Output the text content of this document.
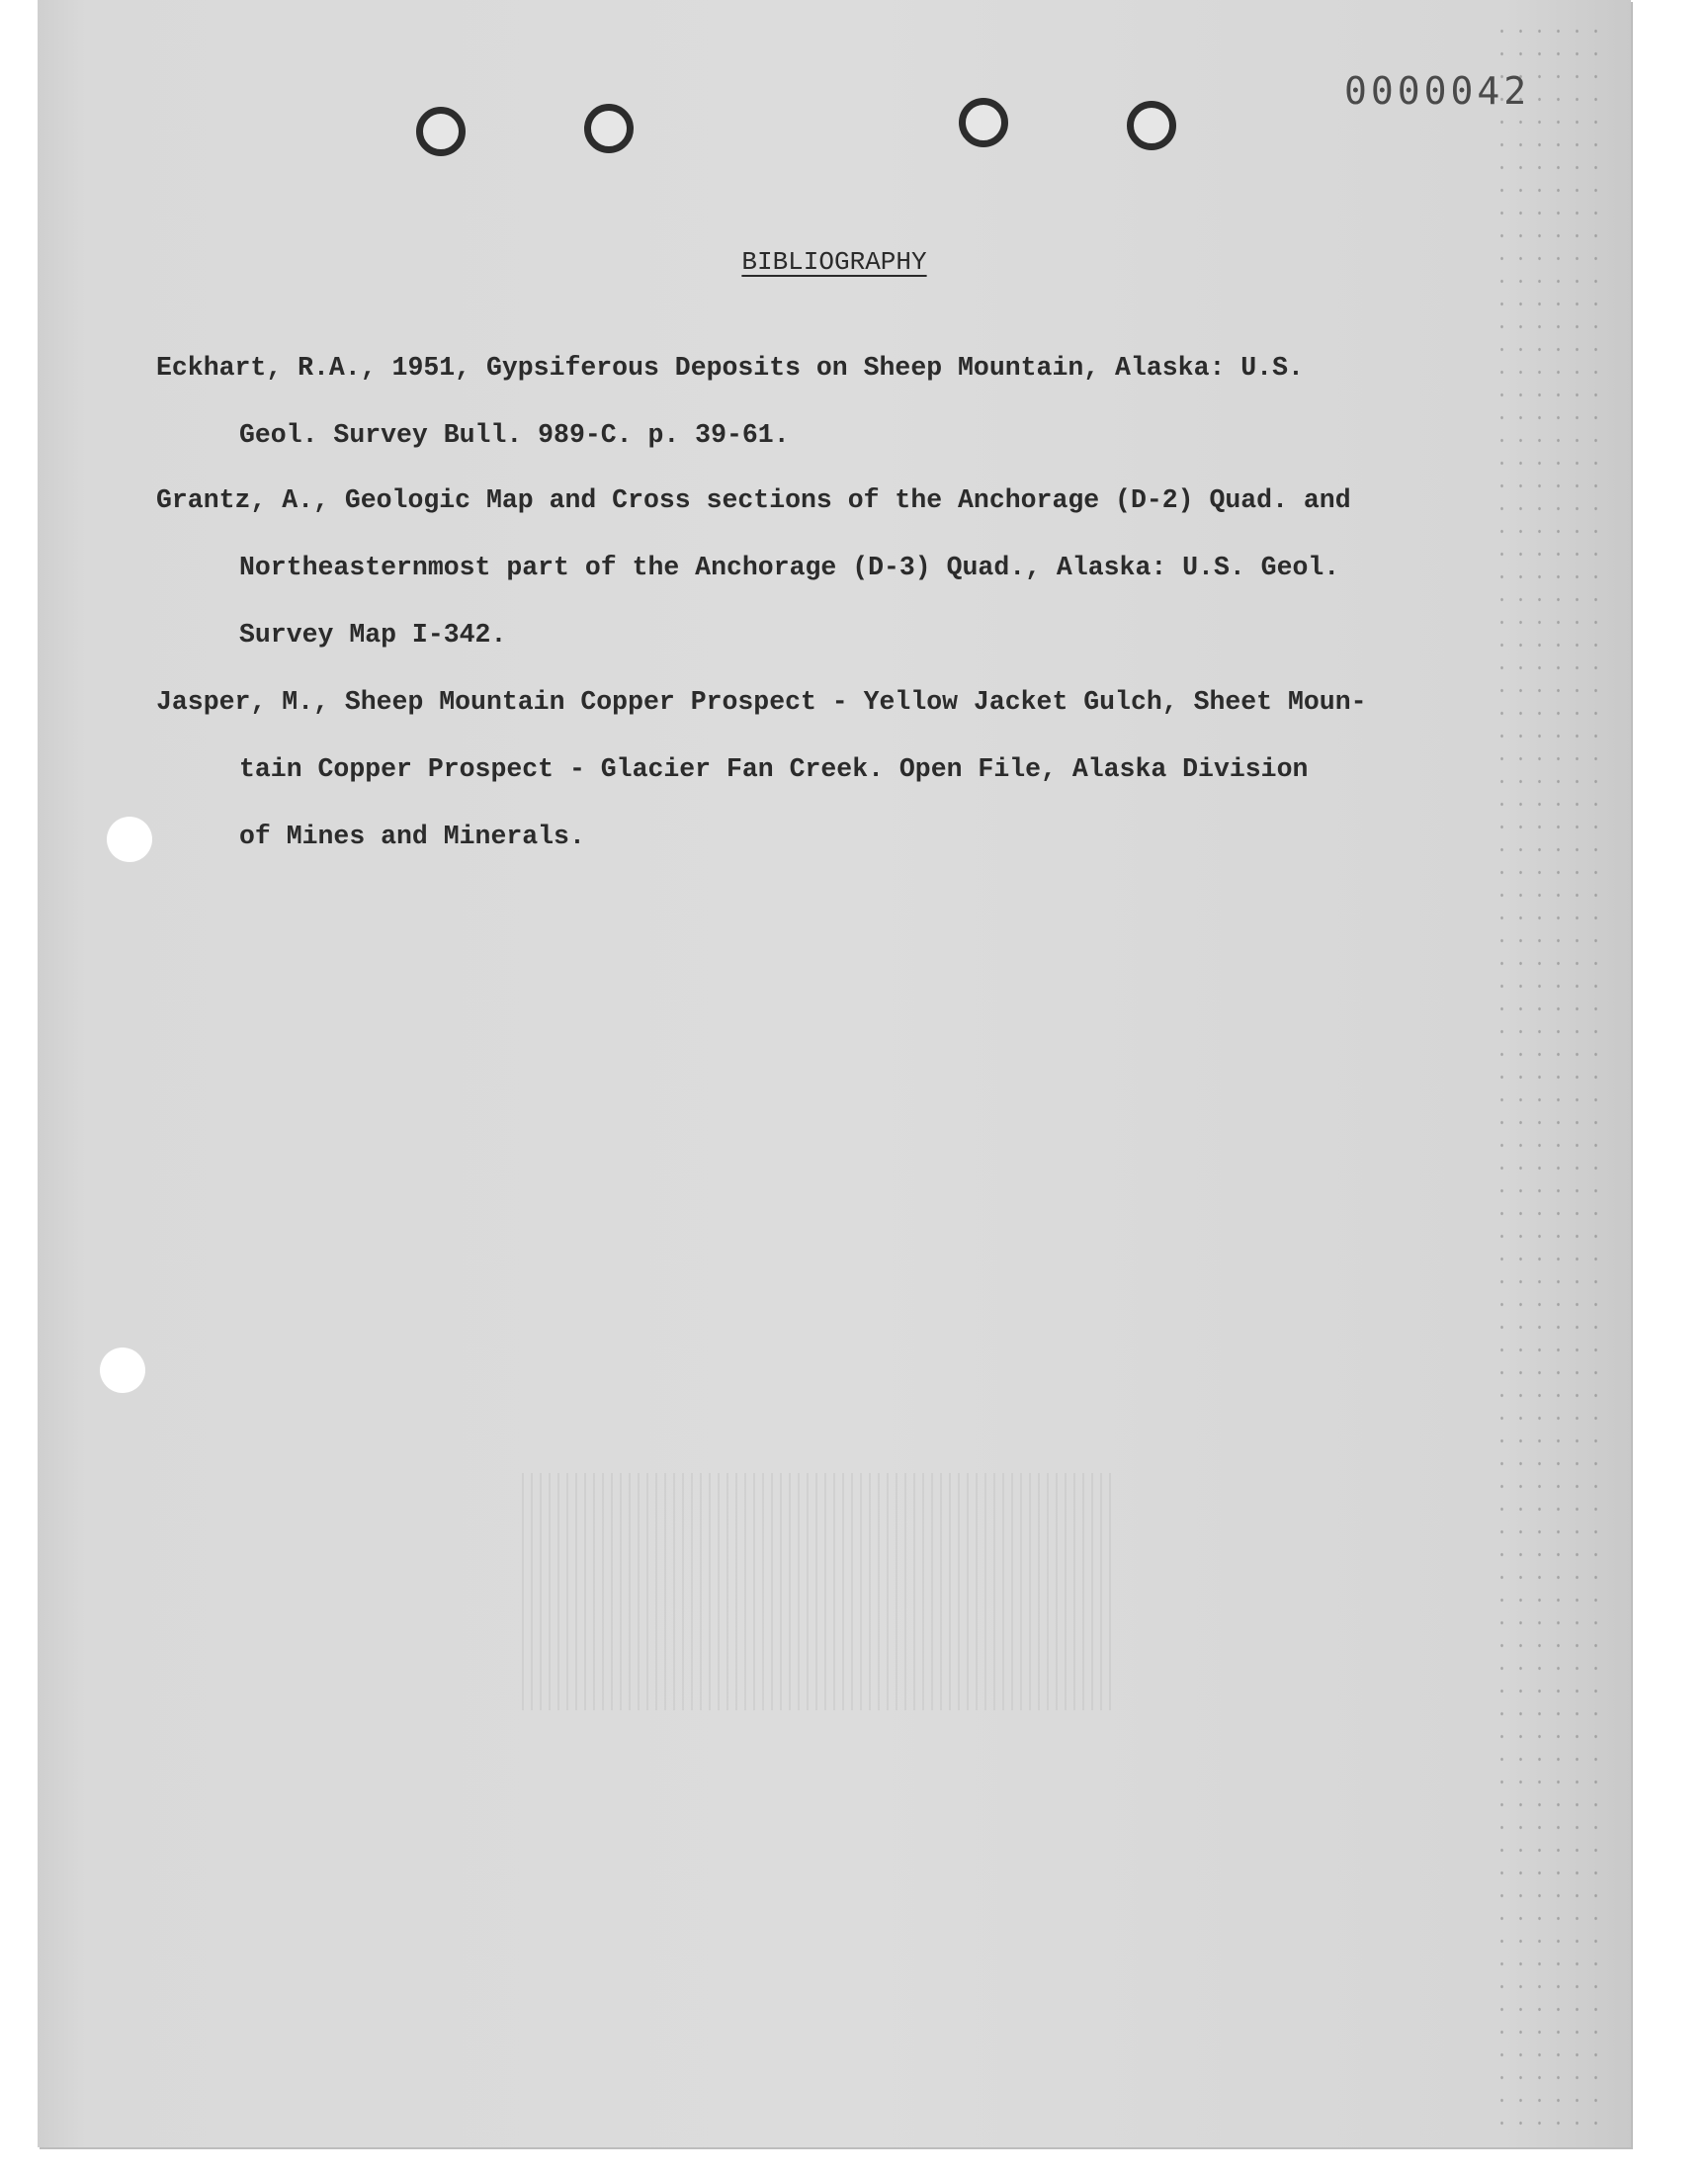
0000042
BIBLIOGRAPHY
Eckhart, R.A., 1951, Gypsiferous Deposits on Sheep Mountain, Alaska: U.S.
Geol. Survey Bull. 989-C. p. 39-61.
Grantz, A., Geologic Map and Cross sections of the Anchorage (D-2) Quad. and
Northeasternmost part of the Anchorage (D-3) Quad., Alaska: U.S. Geol.
Survey Map I-342.
Jasper, M., Sheep Mountain Copper Prospect - Yellow Jacket Gulch, Sheet Moun-
tain Copper Prospect - Glacier Fan Creek. Open File, Alaska Division
of Mines and Minerals.
